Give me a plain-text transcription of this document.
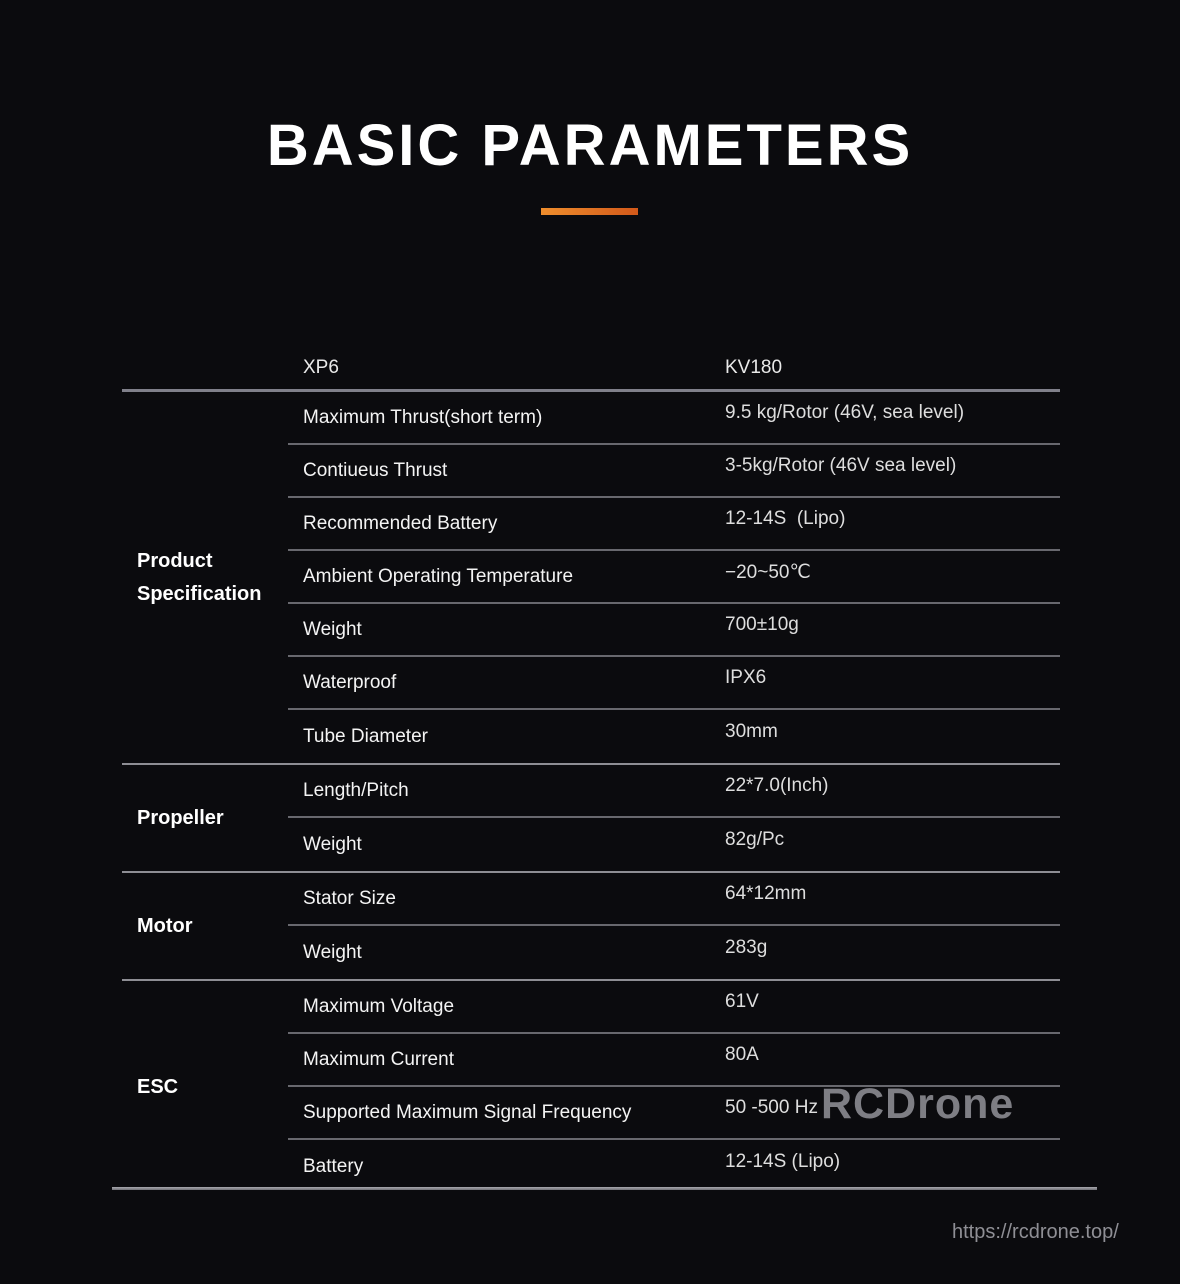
BASIC PARAMETERS
XP6	KV180
Product Specification
Maximum Thrust(short term)	9.5 kg/Rotor (46V, sea level)
Contiueus Thrust	3-5kg/Rotor (46V sea level)
Recommended Battery	12-14S  (Lipo)
Ambient Operating Temperature	−20~50℃
Weight	700±10g
Waterproof	IPX6
Tube Diameter	30mm
Propeller
Length/Pitch	22*7.0(Inch)
Weight	82g/Pc
Motor
Stator Size	64*12mm
Weight	283g
ESC
Maximum Voltage	61V
Maximum Current	80A
Supported Maximum Signal Frequency	50 -500 Hz
Battery	12-14S (Lipo)
RCDrone
https://rcdrone.top/
